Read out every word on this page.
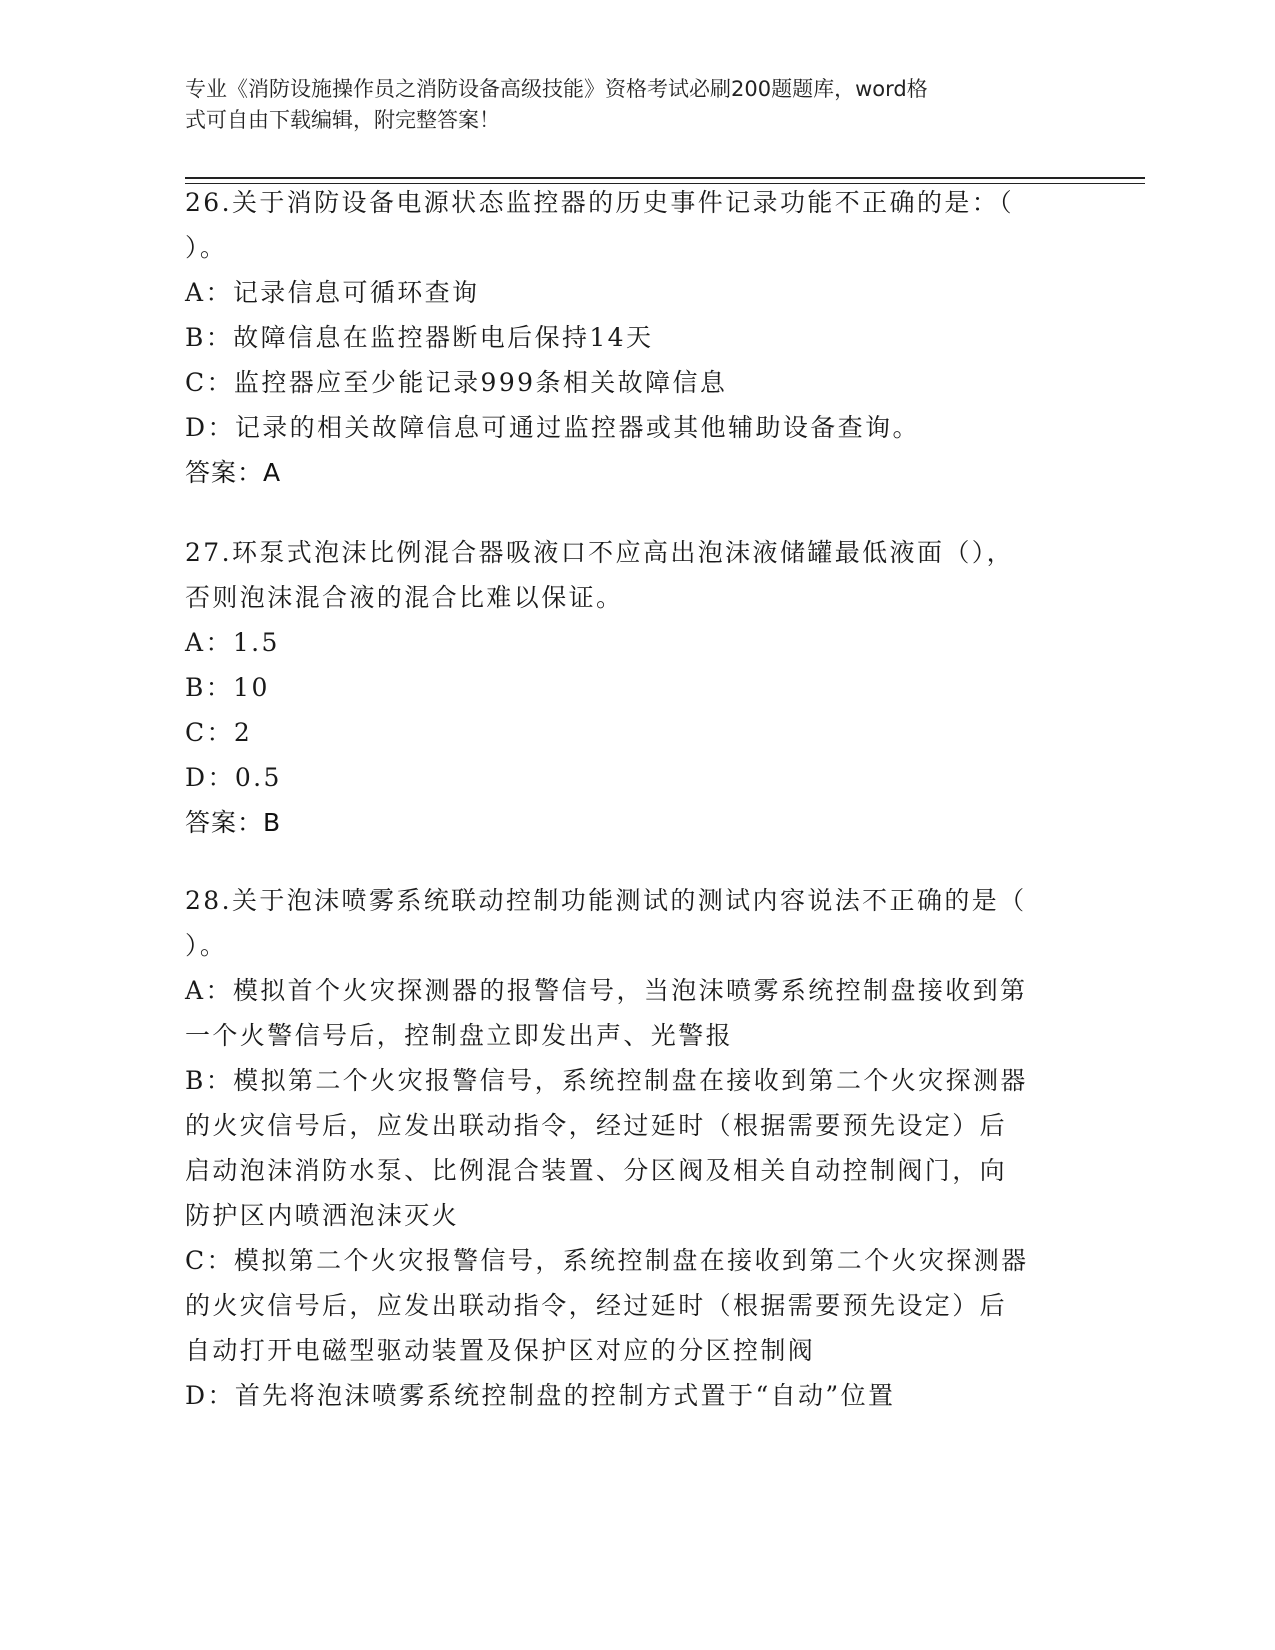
专业《消防设施操作员之消防设备高级技能》资格考试必刷200题题库，word格
式可自由下载编辑，附完整答案！
26.关于消防设备电源状态监控器的历史事件记录功能不正确的是：（
）。
A：记录信息可循环查询
B：故障信息在监控器断电后保持14天
C：监控器应至少能记录999条相关故障信息
D：记录的相关故障信息可通过监控器或其他辅助设备查询。
答案：A
27.环泵式泡沫比例混合器吸液口不应高出泡沫液储罐最低液面（），
否则泡沫混合液的混合比难以保证。
A：1.5
B：10
C：2
D：0.5
答案：B
28.关于泡沫喷雾系统联动控制功能测试的测试内容说法不正确的是（
）。
A：模拟首个火灾探测器的报警信号，当泡沫喷雾系统控制盘接收到第
一个火警信号后，控制盘立即发出声、光警报
B：模拟第二个火灾报警信号，系统控制盘在接收到第二个火灾探测器
的火灾信号后，应发出联动指令，经过延时（根据需要预先设定）后
启动泡沫消防水泵、比例混合装置、分区阀及相关自动控制阀门，向
防护区内喷洒泡沫灭火
C：模拟第二个火灾报警信号，系统控制盘在接收到第二个火灾探测器
的火灾信号后，应发出联动指令，经过延时（根据需要预先设定）后
自动打开电磁型驱动装置及保护区对应的分区控制阀
D：首先将泡沫喷雾系统控制盘的控制方式置于“自动”位置
